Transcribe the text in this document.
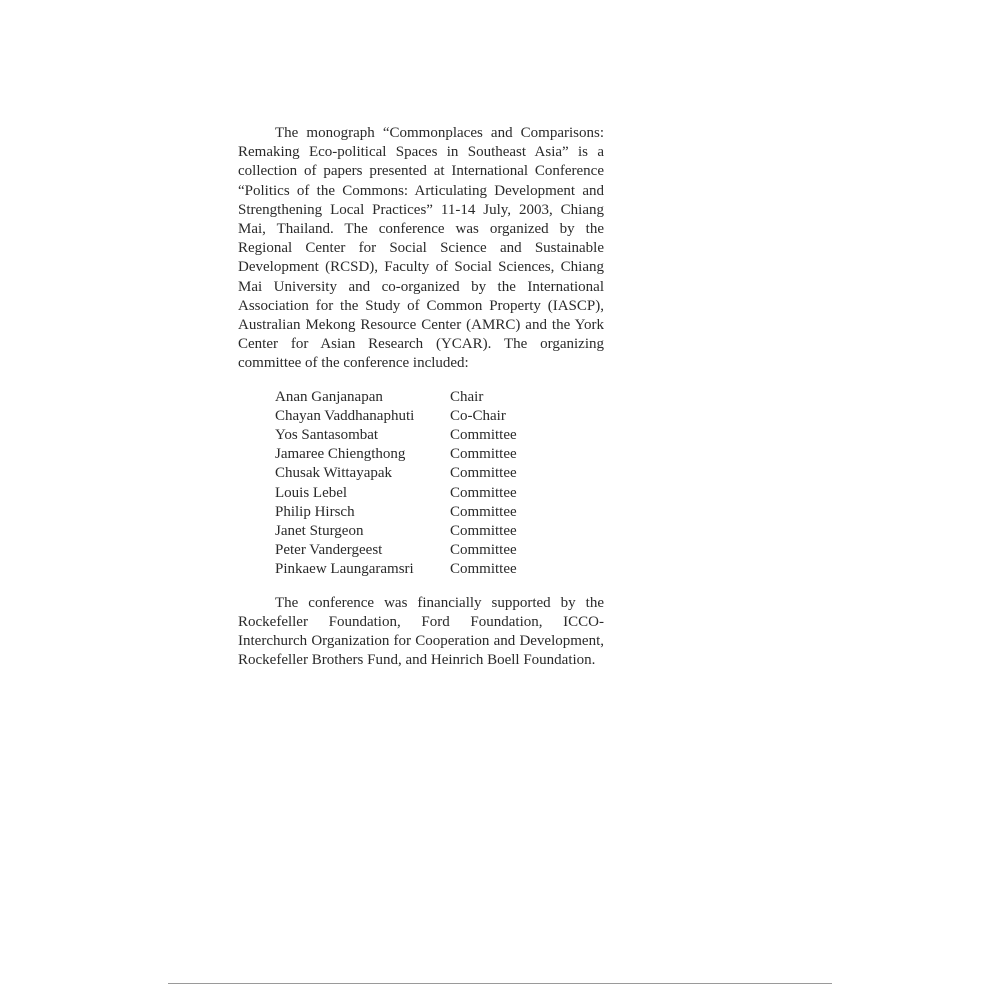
The monograph “Commonplaces and Comparisons: Remaking Eco-political Spaces in Southeast Asia” is a collection of papers presented at International Conference “Politics of the Commons: Articulating Development and Strengthening Local Practices” 11-14 July, 2003, Chiang Mai, Thailand. The conference was organized by the Regional Center for Social Science and Sustainable Development (RCSD), Faculty of Social Sciences, Chiang Mai University and co-organized by the International Association for the Study of Common Property (IASCP), Australian Mekong Resource Center (AMRC) and the York Center for Asian Research (YCAR). The organizing committee of the conference included:

Anan Ganjanapan	Chair
Chayan Vaddhanaphuti	Co-Chair
Yos Santasombat	Committee
Jamaree Chiengthong	Committee
Chusak Wittayapak	Committee
Louis Lebel	Committee
Philip Hirsch	Committee
Janet Sturgeon	Committee
Peter Vandergeest	Committee
Pinkaew Laungaramsri	Committee

The conference was financially supported by the Rockefeller Foundation, Ford Foundation, ICCO-Interchurch Organization for Cooperation and Development, Rockefeller Brothers Fund, and Heinrich Boell Foundation.
